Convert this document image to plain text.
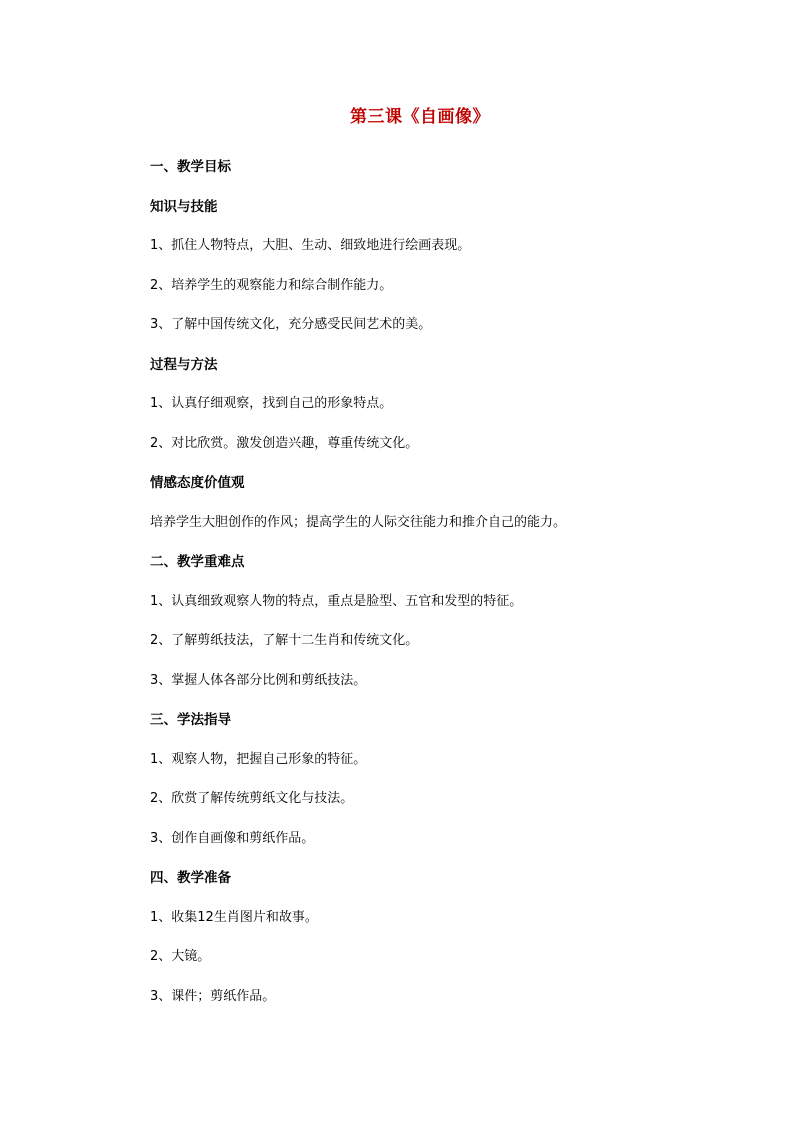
第三课《自画像》
一、教学目标
知识与技能
1、抓住人物特点，大胆、生动、细致地进行绘画表现。
2、培养学生的观察能力和综合制作能力。
3、了解中国传统文化，充分感受民间艺术的美。
过程与方法
1、认真仔细观察，找到自己的形象特点。
2、对比欣赏。激发创造兴趣，尊重传统文化。
情感态度价值观
培养学生大胆创作的作风；提高学生的人际交往能力和推介自己的能力。
二、教学重难点
1、认真细致观察人物的特点，重点是脸型、五官和发型的特征。
2、了解剪纸技法，了解十二生肖和传统文化。
3、掌握人体各部分比例和剪纸技法。
三、学法指导
1、观察人物，把握自己形象的特征。
2、欣赏了解传统剪纸文化与技法。
3、创作自画像和剪纸作品。
四、教学准备
1、收集12生肖图片和故事。
2、大镜。
3、课件；剪纸作品。
